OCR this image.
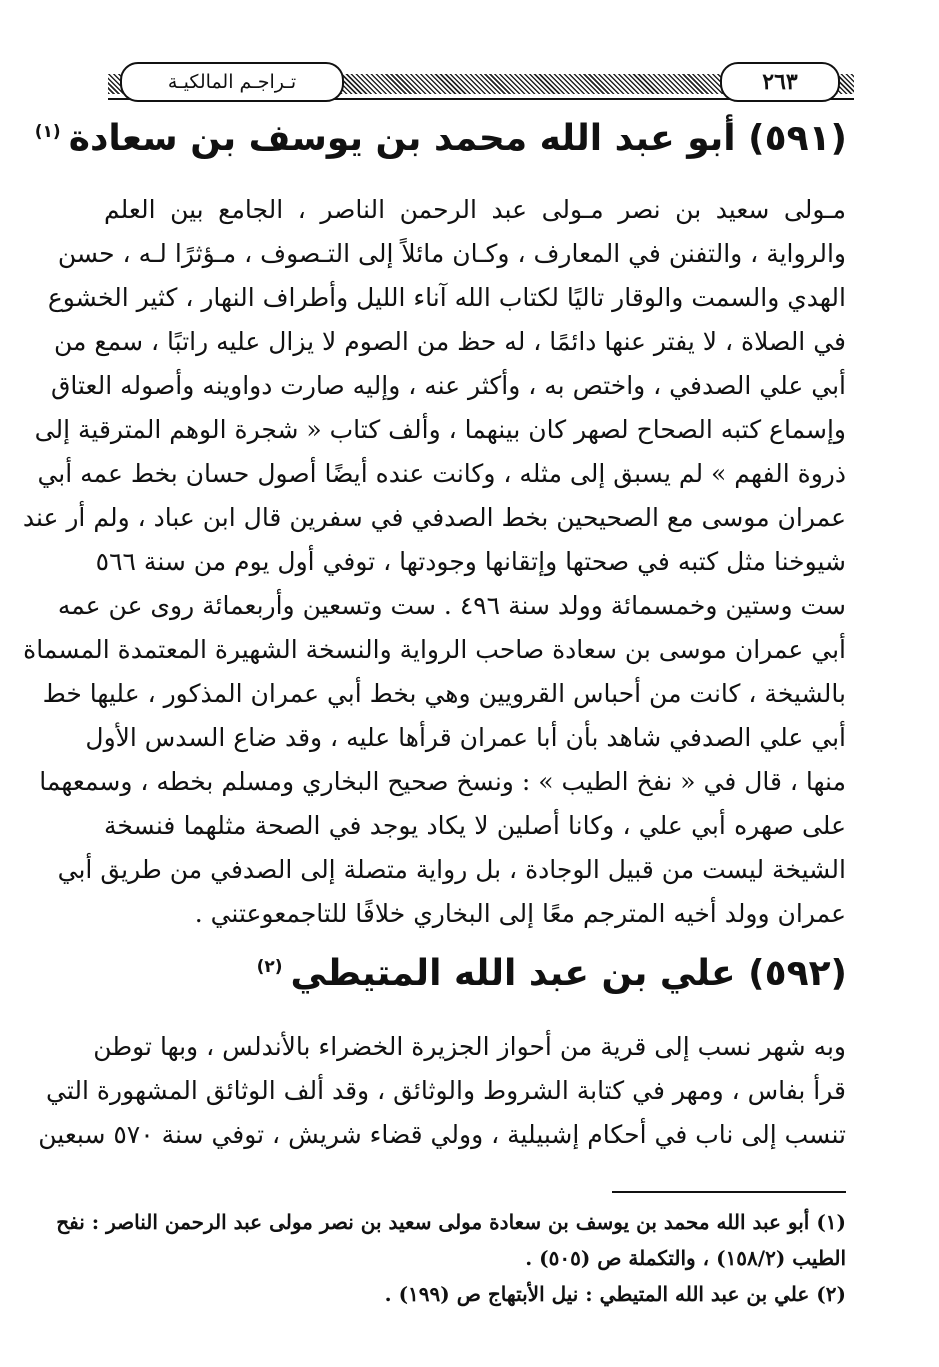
تـراجـم المالكيـة	٢٦٣
(٥٩١) أبو عبد الله محمد بن يوسف بن سعادة$^{(١)}$
مـولى سعيد بن نصر مـولى عبد الرحمن الناصر ، الجامع بين العلم
والرواية ، والتفنن في المعارف ، وكـان مائلاً إلى التـصوف ، مـؤثرًا لـه ، حسن
الهدي والسمت والوقار تاليًا لكتاب الله آناء الليل وأطراف النهار ، كثير الخشوع
في الصلاة ، لا يفتر عنها دائمًا ، له حظ من الصوم لا يزال عليه راتبًا ، سمع من
أبي علي الصدفي ، واختص به ، وأكثر عنه ، وإليه صارت دواوينه وأصوله العتاق
وإسماع كتبه الصحاح لصهر كان بينهما ، وألف كتاب « شجرة الوهم المترقية إلى
ذروة الفهم » لم يسبق إلى مثله ، وكانت عنده أيضًا أصول حسان بخط عمه أبي
عمران موسى مع الصحيحين بخط الصدفي في سفرين قال ابن عباد ، ولم أر عند
شيوخنا مثل كتبه في صحتها وإتقانها وجودتها ، توفي أول يوم من سنة ٥٦٦
ست وستين وخمسمائة وولد سنة ٤٩٦ . ست وتسعين وأربعمائة روى عن عمه
أبي عمران موسى بن سعادة صاحب الرواية والنسخة الشهيرة المعتمدة المسماة
بالشيخة ، كانت من أحباس القرويين وهي بخط أبي عمران المذكور ، عليها خط
أبي علي الصدفي شاهد بأن أبا عمران قرأها عليه ، وقد ضاع السدس الأول
منها ، قال في « نفخ الطيب » : ونسخ صحيح البخاري ومسلم بخطه ، وسمعهما
على صهره أبي علي ، وكانا أصلين لا يكاد يوجد في الصحة مثلهما فنسخة
الشيخة ليست من قبيل الوجادة ، بل رواية متصلة إلى الصدفي من طريق أبي
عمران وولد أخيه المترجم معًا إلى البخاري خلافًا للتاجمعوعتني .
(٥٩٢) علي بن عبد الله المتيطي$^{(٢)}$
وبه شهر نسب إلى قرية من أحواز الجزيرة الخضراء بالأندلس ، وبها توطن
قرأ بفاس ، ومهر في كتابة الشروط والوثائق ، وقد ألف الوثائق المشهورة التي
تنسب إلى ناب في أحكام إشبيلية ، وولي قضاء شريش ، توفي سنة ٥٧٠ سبعين
(١) أبو عبد الله محمد بن يوسف بن سعادة مولى سعيد بن نصر مولى عبد الرحمن الناصر : نفح
الطيب (١٥٨/٢) ، والتكملة ص (٥٠٥) .
(٢) علي بن عبد الله المتيطي : نيل الأبتهاج ص (١٩٩) .
